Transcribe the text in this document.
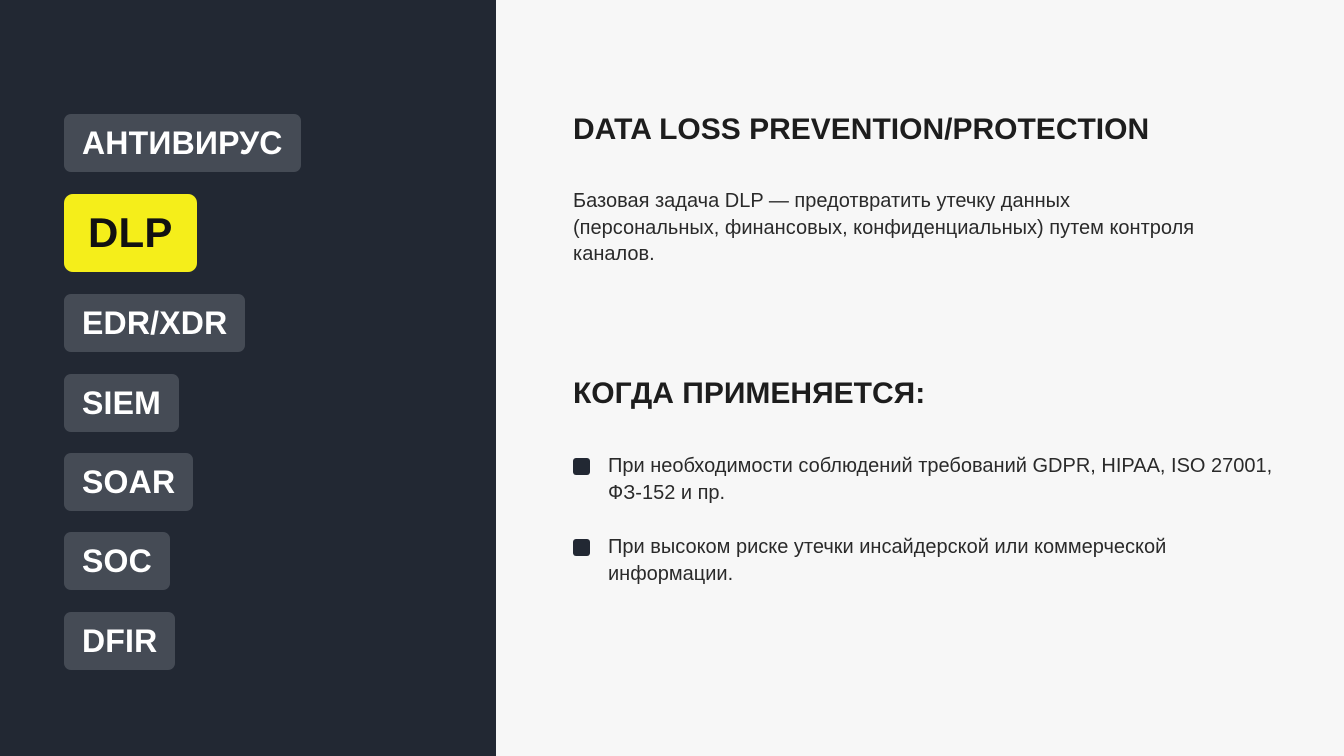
АНТИВИРУС
DLP
EDR/XDR
SIEM
SOAR
SOC
DFIR
DATA LOSS PREVENTION/PROTECTION

Базовая задача DLP — предотвратить утечку данных (персональных, финансовых, конфиденциальных) путем контроля каналов.

КОГДА ПРИМЕНЯЕТСЯ:
При необходимости соблюдений требований GDPR, HIPAA, ISO 27001, ФЗ-152 и пр.
При высоком риске утечки инсайдерской или коммерческой информации.
